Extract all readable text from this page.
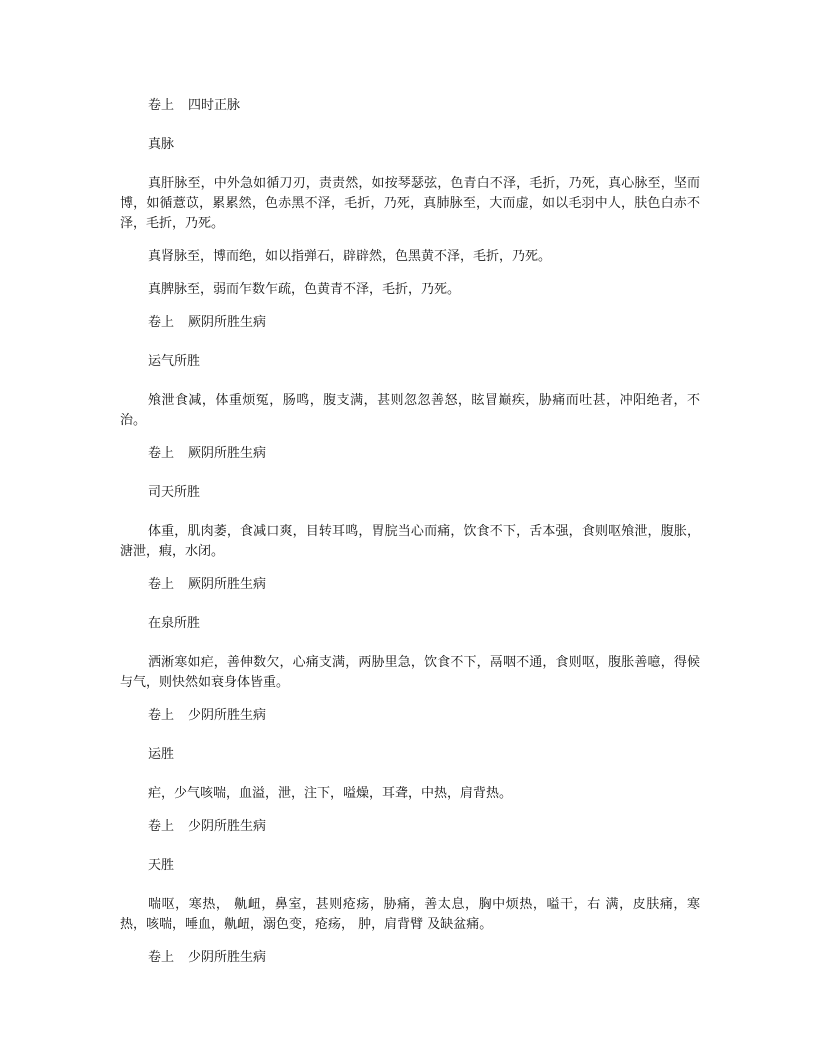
卷上 四时正脉

真脉

真肝脉至，中外急如循刀刃，责责然，如按琴瑟弦，色青白不泽，毛折，乃死，真心脉至，坚而博，如循薏苡，累累然，色赤黑不泽，毛折，乃死，真肺脉至，大而虚，如以毛羽中人，肤色白赤不泽，毛折，乃死。

真肾脉至，博而绝，如以指弹石，辟辟然，色黑黄不泽，毛折，乃死。

真脾脉至，弱而乍数乍疏，色黄青不泽，毛折，乃死。

卷上 厥阴所胜生病

运气所胜

飧泄食减，体重烦冤，肠鸣，腹支满，甚则忽忽善怒，眩冒巅疾，胁痛而吐甚，冲阳绝者，不治。

卷上 厥阴所胜生病

司天所胜

体重，肌肉萎，食减口爽，目转耳鸣，胃脘当心而痛，饮食不下，舌本强，食则呕飧泄，腹胀，溏泄，瘕，水闭。

卷上 厥阴所胜生病

在泉所胜

洒淅寒如疟，善伸数欠，心痛支满，两胁里急，饮食不下，鬲咽不通，食则呕，腹胀善噫，得候与气，则快然如衰身体皆重。

卷上 少阴所胜生病

运胜

疟，少气咳喘，血溢，泄，注下，嗌燥，耳聋，中热，肩背热。

卷上 少阴所胜生病

天胜

喘呕，寒热， 鼽衄，鼻室，甚则疮疡，胁痛，善太息，胸中烦热，嗌干，右 满，皮肤痛，寒热，咳喘，唾血，鼽衄，溺色变，疮疡， 肿，肩背臂 及缺盆痛。

卷上 少阴所胜生病
